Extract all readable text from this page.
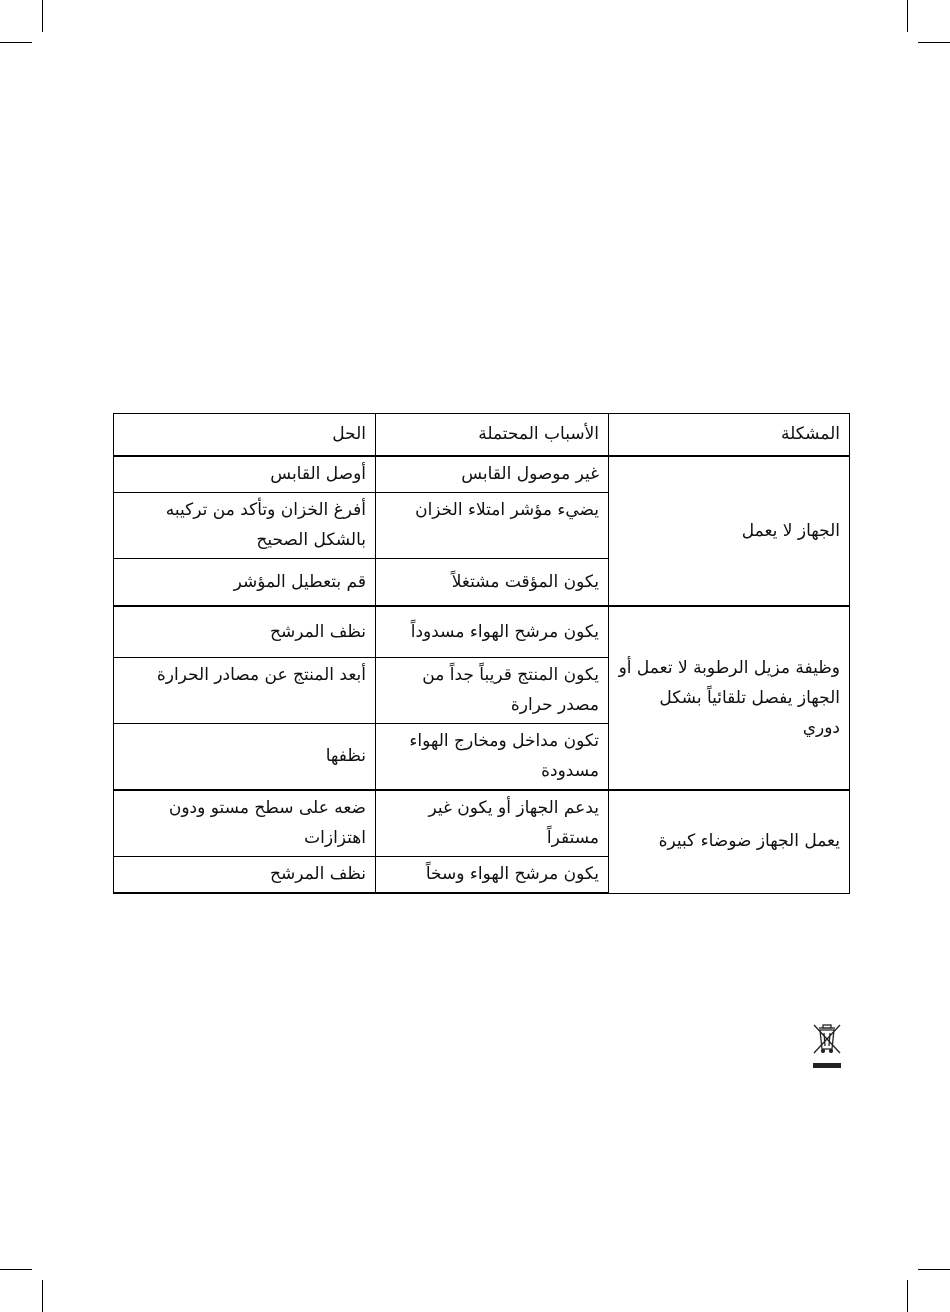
المشكلة	الأسباب المحتملة	الحل
الجهاز لا يعمل	غير موصول القابس	أوصل القابس
	يضيء مؤشر امتلاء الخزان	أفرغ الخزان وتأكد من تركيبه بالشكل الصحيح
	يكون المؤقت مشتغلاً	قم بتعطيل المؤشر
وظيفة مزيل الرطوبة لا تعمل أو الجهاز يفصل تلقائياً بشكل دوري	يكون مرشح الهواء مسدوداً	نظف المرشح
	يكون المنتج قريباً جداً من مصدر حرارة	أبعد المنتج عن مصادر الحرارة
	تكون مداخل ومخارج الهواء مسدودة	نظفها
يعمل الجهاز ضوضاء كبيرة	يدعم الجهاز أو يكون غير مستقراً	ضعه على سطح مستو ودون اهتزازات
	يكون مرشح الهواء وسخاً	نظف المرشح
